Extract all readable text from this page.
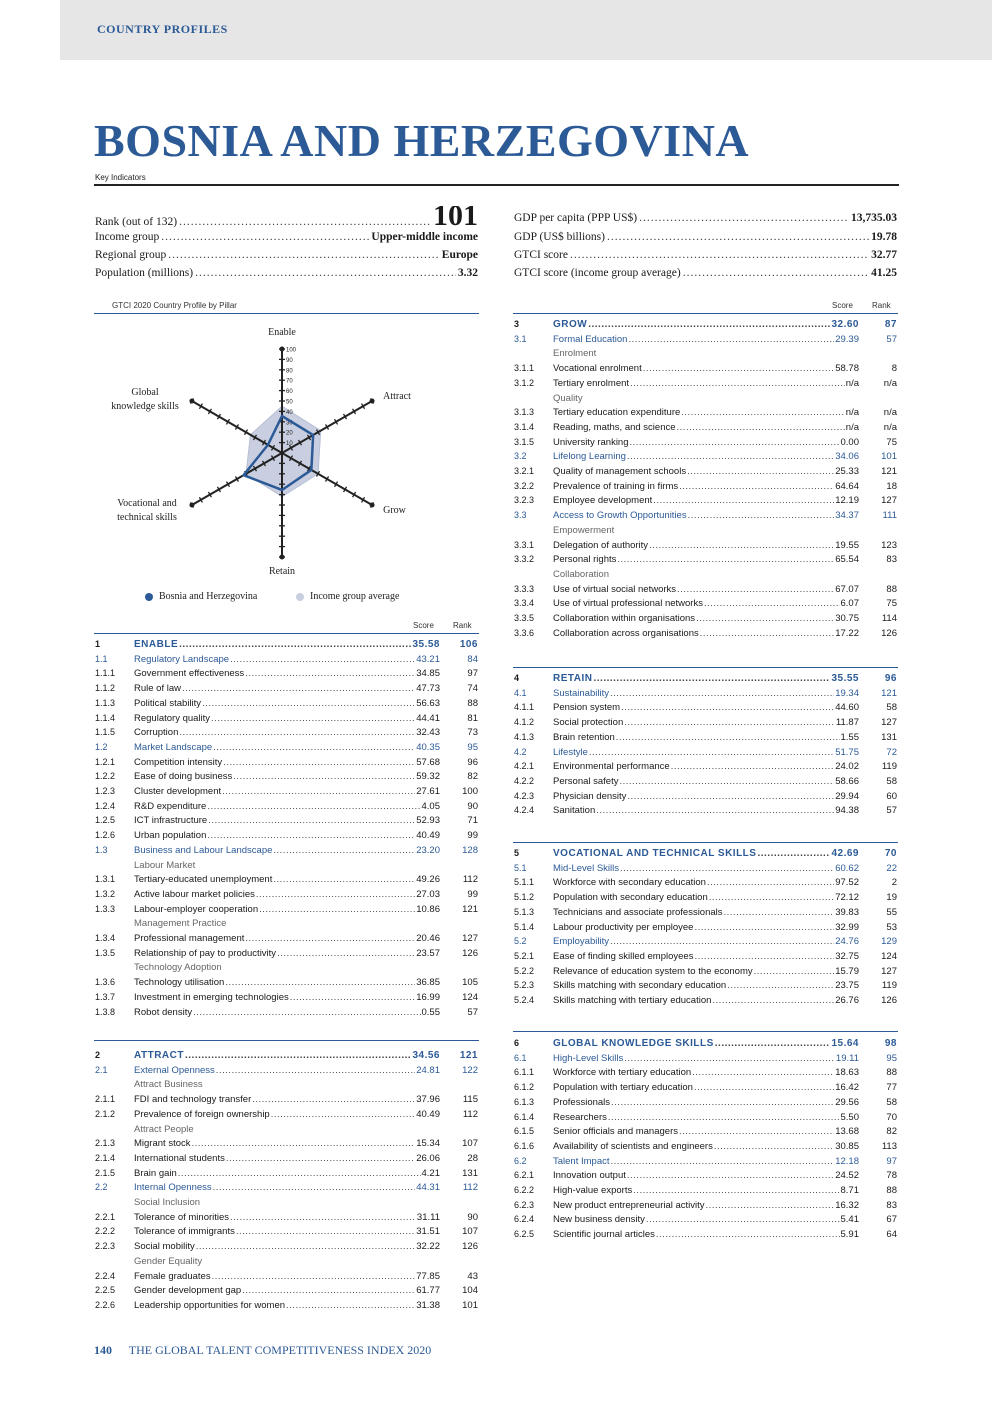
COUNTRY PROFILES
BOSNIA AND HERZEGOVINA
Key Indicators
Rank (out of 132) .....	101
Income group .....	Upper-middle income
Regional group .....	Europe
Population (millions) .....	3.32
GDP per capita (PPP US$) .....	13,735.03
GDP (US$ billions) .....	19.78
GTCI score .....	32.77
GTCI score (income group average) .....	41.25
GTCI 2020 Country Profile by Pillar	Score Rank
10
20
30
40
50
60
70
80
90
100
Enable
Attract
Grow
Retain
Vocational and
technical skills
Global
knowledge skills
Bosnia and Herzegovina	Income group average
Score Rank
1	ENABLE .....	35.58	106
1.1	Regulatory Landscape .....	43.21	84
1.1.1	Government effectiveness .....	34.85	97
1.1.2	Rule of law .....	47.73	74
1.1.3	Political stability .....	56.63	88
1.1.4	Regulatory quality .....	44.41	81
1.1.5	Corruption .....	32.43	73
1.2	Market Landscape .....	40.35	95
1.2.1	Competition intensity .....	57.68	96
1.2.2	Ease of doing business .....	59.32	82
1.2.3	Cluster development .....	27.61	100
1.2.4	R&D expenditure .....	4.05	90
1.2.5	ICT infrastructure .....	52.93	71
1.2.6	Urban population .....	40.49	99
1.3	Business and Labour Landscape .....	23.20	128
Labour Market
1.3.1	Tertiary-educated unemployment .....	49.26	112
1.3.2	Active labour market policies .....	27.03	99
1.3.3	Labour-employer cooperation .....	10.86	121
Management Practice
1.3.4	Professional management .....	20.46	127
1.3.5	Relationship of pay to productivity .....	23.57	126
Technology Adoption
1.3.6	Technology utilisation .....	36.85	105
1.3.7	Investment in emerging technologies .....	16.99	124
1.3.8	Robot density .....	0.55	57
2	ATTRACT .....	34.56	121
2.1	External Openness .....	24.81	122
Attract Business
2.1.1	FDI and technology transfer .....	37.96	115
2.1.2	Prevalence of foreign ownership .....	40.49	112
Attract People
2.1.3	Migrant stock .....	15.34	107
2.1.4	International students .....	26.06	28
2.1.5	Brain gain .....	4.21	131
2.2	Internal Openness .....	44.31	112
Social Inclusion
2.2.1	Tolerance of minorities .....	31.11	90
2.2.2	Tolerance of immigrants .....	31.51	107
2.2.3	Social mobility .....	32.22	126
Gender Equality
2.2.4	Female graduates .....	77.85	43
2.2.5	Gender development gap .....	61.77	104
2.2.6	Leadership opportunities for women .....	31.38	101
3	GROW .....	32.60	87
3.1	Formal Education .....	29.39	57
Enrolment
3.1.1	Vocational enrolment .....	58.78	8
3.1.2	Tertiary enrolment .....	n/a	n/a
Quality
3.1.3	Tertiary education expenditure .....	n/a	n/a
3.1.4	Reading, maths, and science .....	n/a	n/a
3.1.5	University ranking .....	0.00	75
3.2	Lifelong Learning .....	34.06	101
3.2.1	Quality of management schools .....	25.33	121
3.2.2	Prevalence of training in firms .....	64.64	18
3.2.3	Employee development .....	12.19	127
3.3	Access to Growth Opportunities .....	34.37	111
Empowerment
3.3.1	Delegation of authority .....	19.55	123
3.3.2	Personal rights .....	65.54	83
Collaboration
3.3.3	Use of virtual social networks .....	67.07	88
3.3.4	Use of virtual professional networks .....	6.07	75
3.3.5	Collaboration within organisations .....	30.75	114
3.3.6	Collaboration across organisations .....	17.22	126
4	RETAIN .....	35.55	96
4.1	Sustainability .....	19.34	121
4.1.1	Pension system .....	44.60	58
4.1.2	Social protection .....	11.87	127
4.1.3	Brain retention .....	1.55	131
4.2	Lifestyle .....	51.75	72
4.2.1	Environmental performance .....	24.02	119
4.2.2	Personal safety .....	58.66	58
4.2.3	Physician density .....	29.94	60
4.2.4	Sanitation .....	94.38	57
5	VOCATIONAL AND TECHNICAL SKILLS .....	42.69	70
5.1	Mid-Level Skills .....	60.62	22
5.1.1	Workforce with secondary education .....	97.52	2
5.1.2	Population with secondary education .....	72.12	19
5.1.3	Technicians and associate professionals .....	39.83	55
5.1.4	Labour productivity per employee .....	32.99	53
5.2	Employability .....	24.76	129
5.2.1	Ease of finding skilled employees .....	32.75	124
5.2.2	Relevance of education system to the economy .....	15.79	127
5.2.3	Skills matching with secondary education .....	23.75	119
5.2.4	Skills matching with tertiary education .....	26.76	126
6	GLOBAL KNOWLEDGE SKILLS .....	15.64	98
6.1	High-Level Skills .....	19.11	95
6.1.1	Workforce with tertiary education .....	18.63	88
6.1.2	Population with tertiary education .....	16.42	77
6.1.3	Professionals .....	29.56	58
6.1.4	Researchers .....	5.50	70
6.1.5	Senior officials and managers .....	13.68	82
6.1.6	Availability of scientists and engineers .....	30.85	113
6.2	Talent Impact .....	12.18	97
6.2.1	Innovation output .....	24.52	78
6.2.2	High-value exports .....	8.71	88
6.2.3	New product entrepreneurial activity .....	16.32	83
6.2.4	New business density .....	5.41	67
6.2.5	Scientific journal articles .....	5.91	64
140 THE GLOBAL TALENT COMPETITIVENESS INDEX 2020
